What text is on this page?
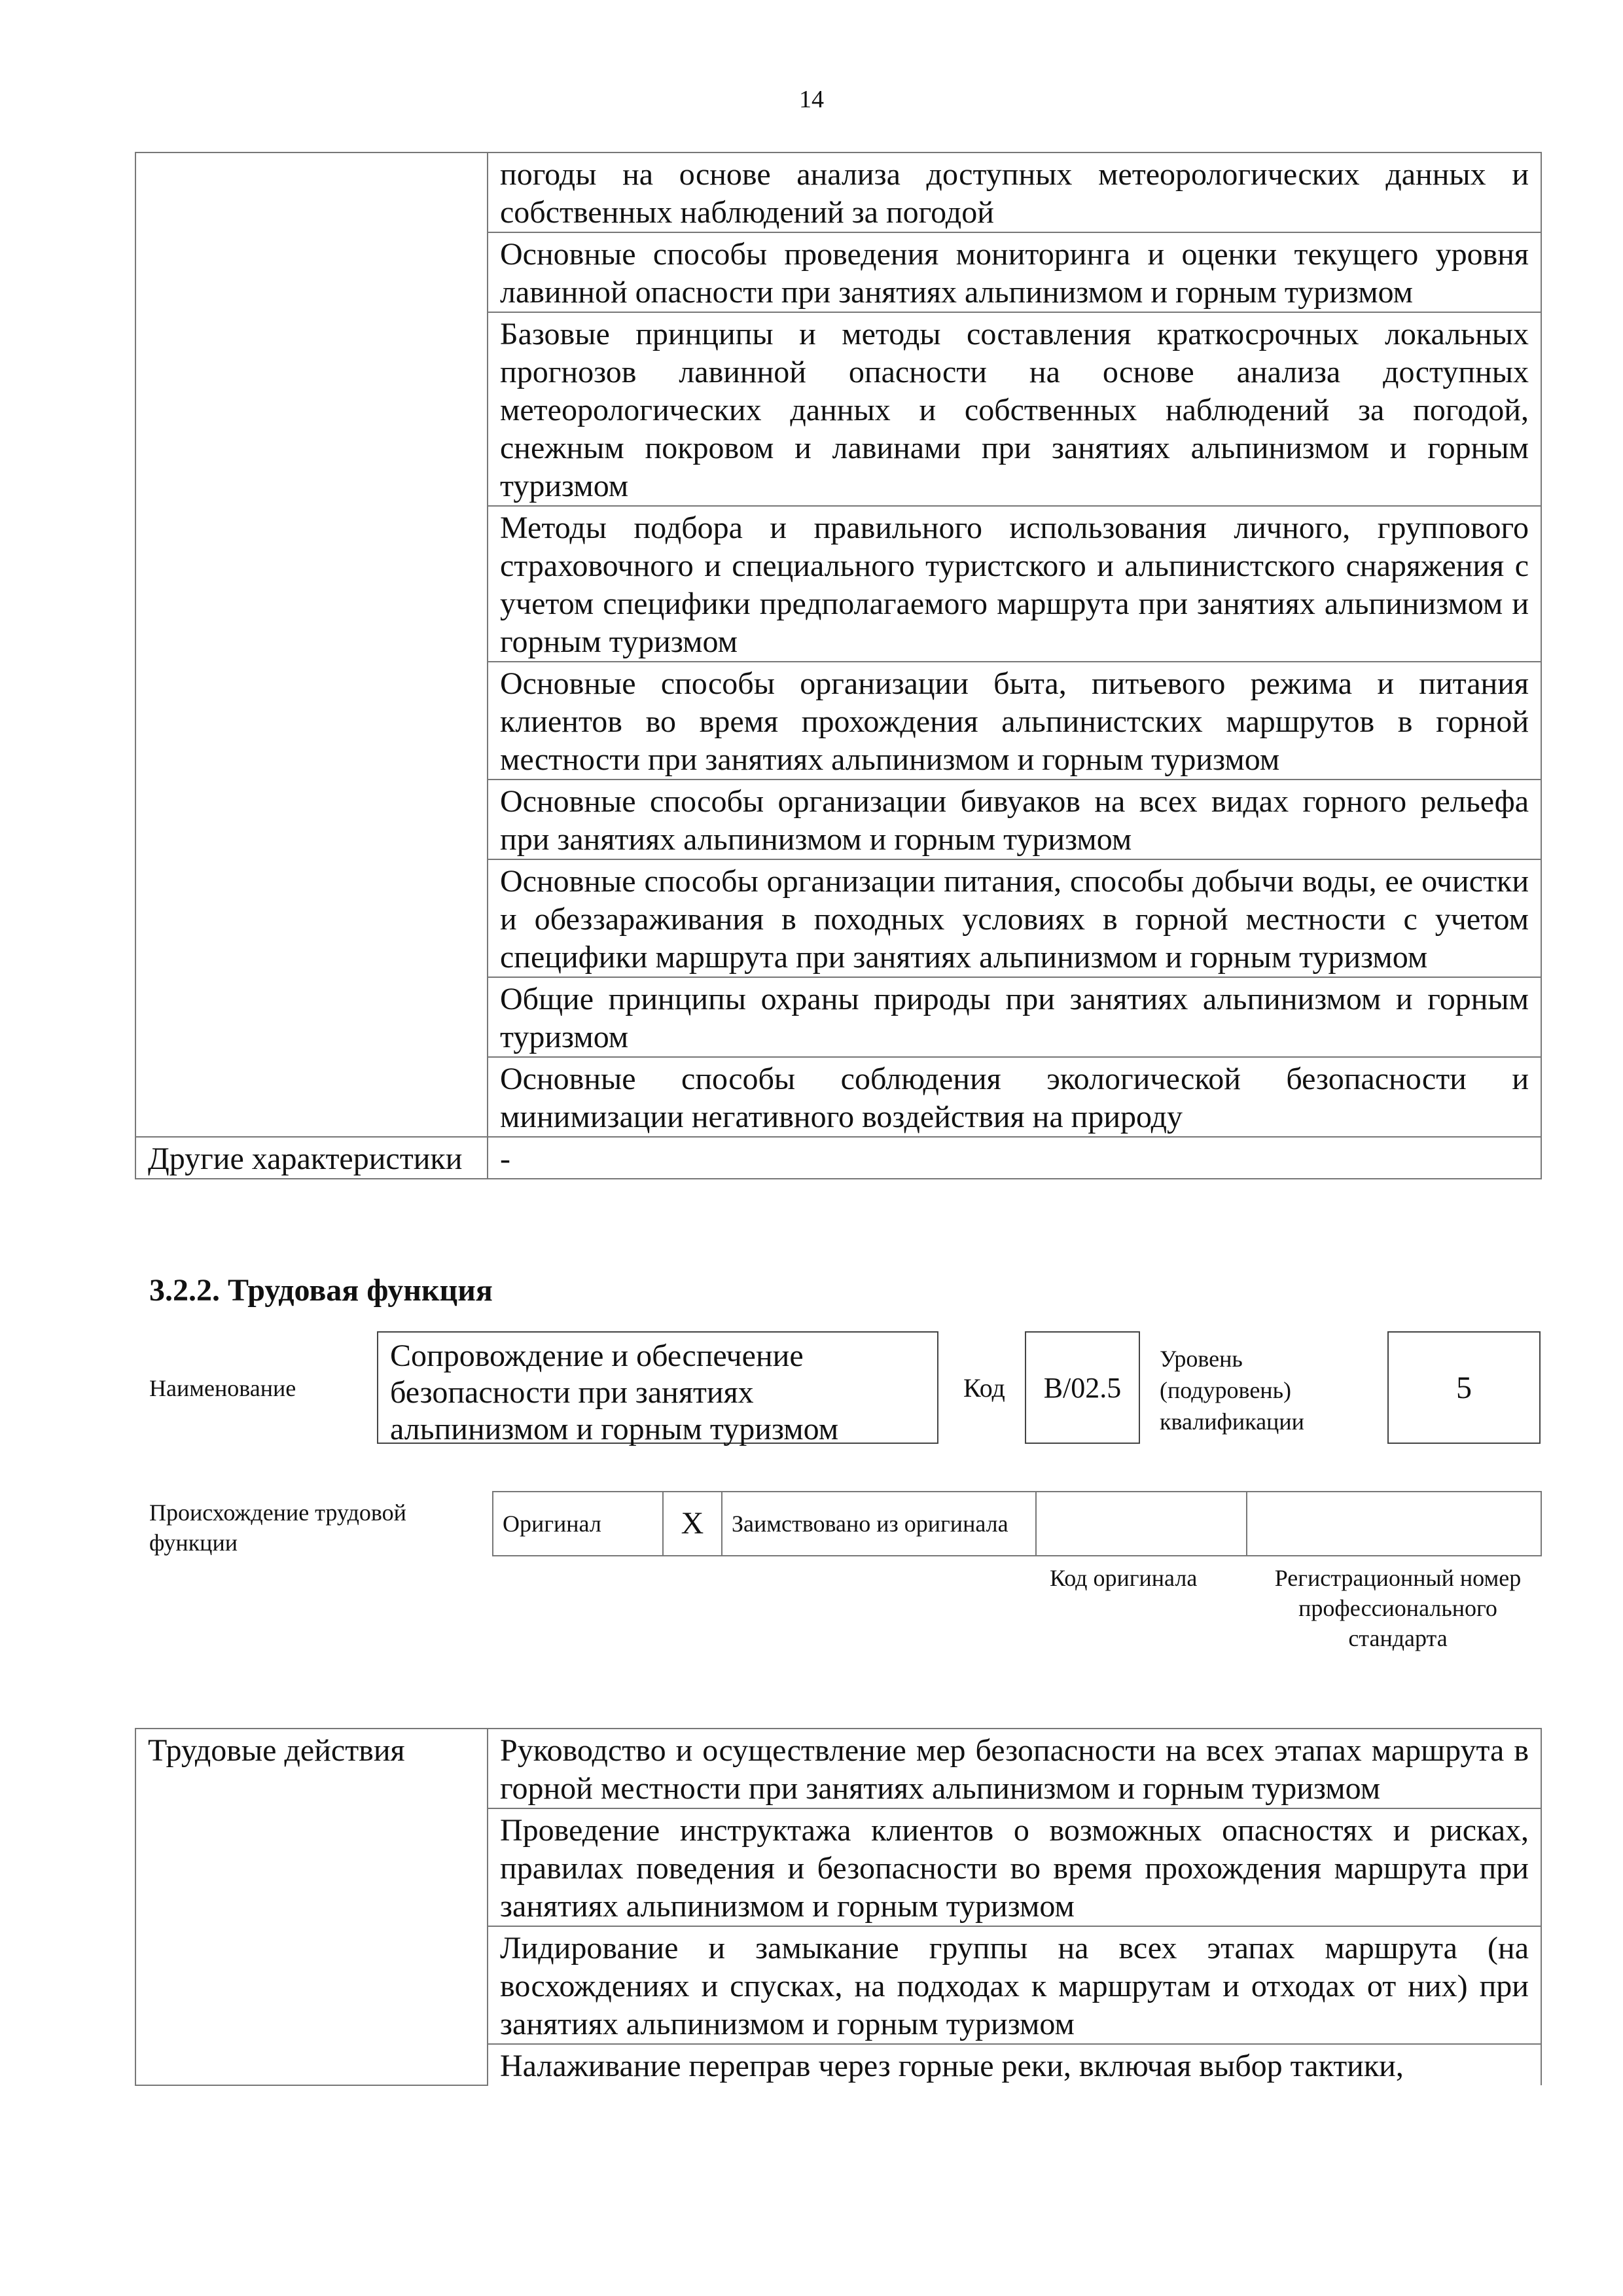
14
	погоды на основе анализа доступных метеорологических данных и собственных наблюдений за погодой
	Основные способы проведения мониторинга и оценки текущего уровня лавинной опасности при занятиях альпинизмом и горным туризмом
	Базовые принципы и методы составления краткосрочных локальных прогнозов лавинной опасности на основе анализа доступных метеорологических данных и собственных наблюдений за погодой, снежным покровом и лавинами при занятиях альпинизмом и горным туризмом
	Методы подбора и правильного использования личного, группового страховочного и специального туристского и альпинистского снаряжения с учетом специфики предполагаемого маршрута при занятиях альпинизмом и горным туризмом
	Основные способы организации быта, питьевого режима и питания клиентов во время прохождения альпинистских маршрутов в горной местности при занятиях альпинизмом и горным туризмом
	Основные способы организации бивуаков на всех видах горного рельефа при занятиях альпинизмом и горным туризмом
	Основные способы организации питания, способы добычи воды, ее очистки и обеззараживания в походных условиях в горной местности с учетом специфики маршрута при занятиях альпинизмом и горным туризмом
	Общие принципы охраны природы при занятиях альпинизмом и горным туризмом
	Основные способы соблюдения экологической безопасности и минимизации негативного воздействия на природу
Другие характеристики	-
3.2.2. Трудовая функция
Наименование
Сопровождение и обеспечение безопасности при занятиях альпинизмом и горным туризмом
Код	B/02.5
Уровень (подуровень) квалификации
5
Происхождение трудовой функции
Оригинал	X	Заимствовано из оригинала		
Код оригинала	Регистрационный номер профессионального стандарта
Трудовые действия	Руководство и осуществление мер безопасности на всех этапах маршрута в горной местности при занятиях альпинизмом и горным туризмом
Проведение инструктажа клиентов о возможных опасностях и рисках, правилах поведения и безопасности во время прохождения маршрута при занятиях альпинизмом и горным туризмом
Лидирование и замыкание группы на всех этапах маршрута (на восхождениях и спусках, на подходах к маршрутам и отходах от них) при занятиях альпинизмом и горным туризмом
Налаживание переправ через горные реки, включая выбор тактики,
